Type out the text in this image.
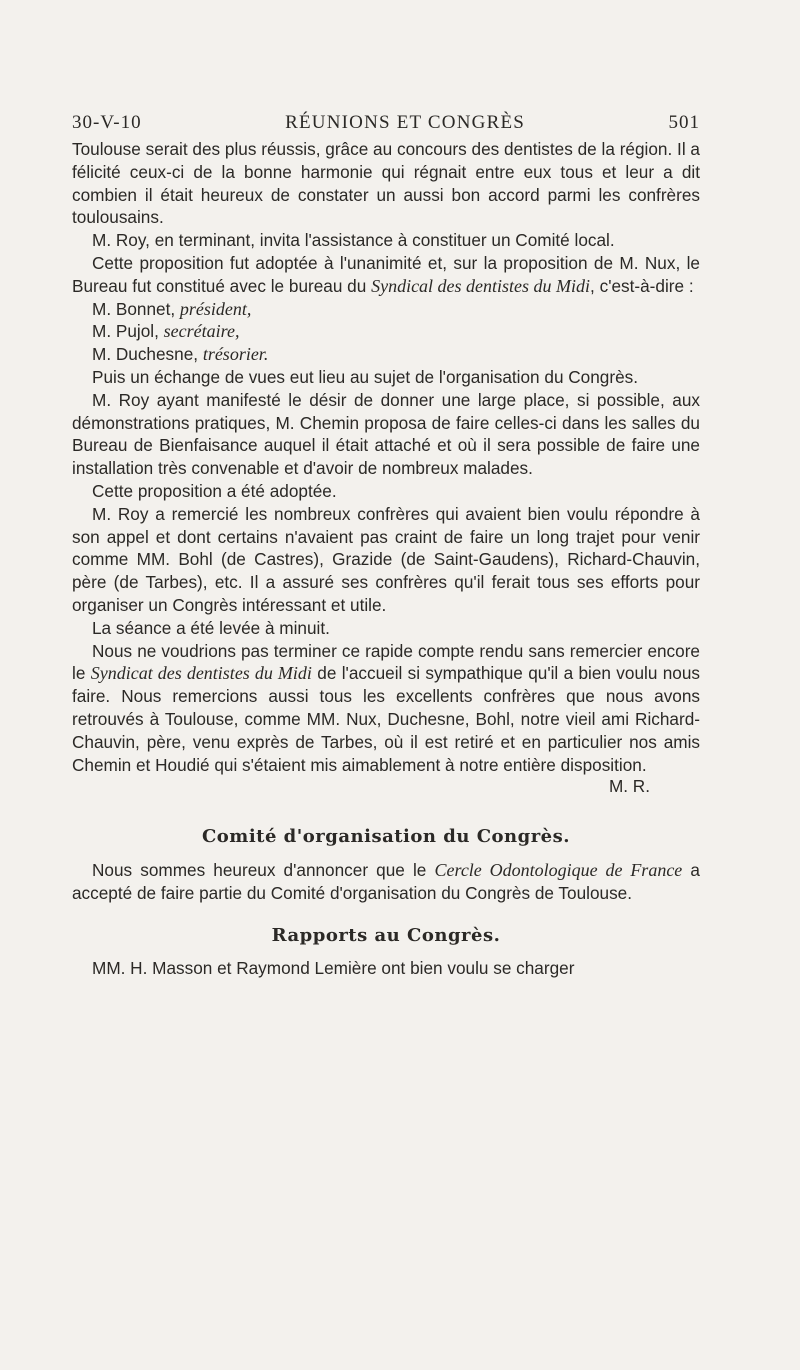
30-V-10	RÉUNIONS ET CONGRÈS	501

Toulouse serait des plus réussis, grâce au concours des dentistes de la région. Il a félicité ceux-ci de la bonne harmonie qui régnait entre eux tous et leur a dit combien il était heureux de constater un aussi bon accord parmi les confrères toulousains.

M. Roy, en terminant, invita l'assistance à constituer un Comité local.

Cette proposition fut adoptée à l'unanimité et, sur la proposition de M. Nux, le Bureau fut constitué avec le bureau du Syndical des dentistes du Midi, c'est-à-dire :

M. Bonnet, président,
M. Pujol, secrétaire,
M. Duchesne, trésorier.

Puis un échange de vues eut lieu au sujet de l'organisation du Congrès.

M. Roy ayant manifesté le désir de donner une large place, si possible, aux démonstrations pratiques, M. Chemin proposa de faire celles-ci dans les salles du Bureau de Bienfaisance auquel il était attaché et où il sera possible de faire une installation très convenable et d'avoir de nombreux malades.

Cette proposition a été adoptée.

M. Roy a remercié les nombreux confrères qui avaient bien voulu répondre à son appel et dont certains n'avaient pas craint de faire un long trajet pour venir comme MM. Bohl (de Castres), Grazide (de Saint-Gaudens), Richard-Chauvin, père (de Tarbes), etc. Il a assuré ses confrères qu'il ferait tous ses efforts pour organiser un Congrès intéressant et utile.

La séance a été levée à minuit.

Nous ne voudrions pas terminer ce rapide compte rendu sans remercier encore le Syndicat des dentistes du Midi de l'accueil si sympathique qu'il a bien voulu nous faire. Nous remercions aussi tous les excellents confrères que nous avons retrouvés à Toulouse, comme MM. Nux, Duchesne, Bohl, notre vieil ami Richard-Chauvin, père, venu exprès de Tarbes, où il est retiré et en particulier nos amis Chemin et Houdié qui s'étaient mis aimablement à notre entière disposition.

M. R.
Comité d'organisation du Congrès.

Nous sommes heureux d'annoncer que le Cercle Odontologique de France a accepté de faire partie du Comité d'organisation du Congrès de Toulouse.

Rapports au Congrès.

MM. H. Masson et Raymond Lemière ont bien voulu se charger
